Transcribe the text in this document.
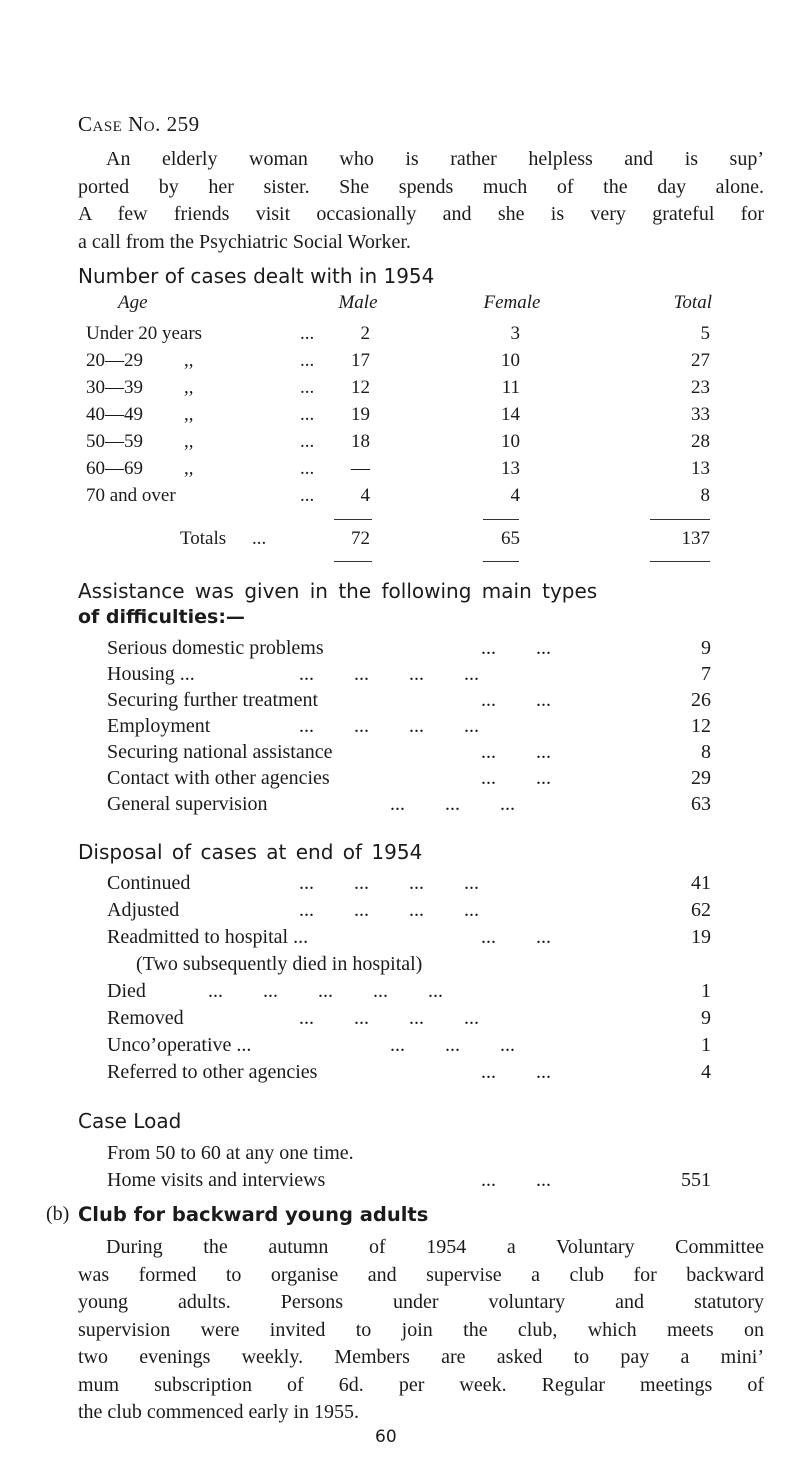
Case No. 259
An elderly woman who is rather helpless and is sup’
ported by her sister. She spends much of the day alone.
A few friends visit occasionally and she is very grateful for
a call from the Psychiatric Social Worker.
Number of cases dealt with in 1954
Age	Male	Female	Total
Under 20 years	...	2	3	5
20—29 ,,	...	17	10	27
30—39 ,,	...	12	11	23
40—49 ,,	...	19	14	33
50—59 ,,	...	18	10	28
60—69 ,,	...	—	13	13
70 and over	...	4	4	8
Totals ...	72	65	137
Assistance was given in the following main types
of difficulties:—
Serious domestic problems	...        ...	9
Housing ...	...        ...        ...        ...	7
Securing further treatment	...        ...	26
Employment	...        ...        ...        ...	12
Securing national assistance	...        ...	8
Contact with other agencies	...        ...	29
General supervision	...        ...        ...	63
Disposal of cases at end of 1954
Continued	...        ...        ...        ...	41
Adjusted	...        ...        ...        ...	62
Readmitted to hospital ...	...        ...	19
(Two subsequently died in hospital)
Died	...        ...        ...        ...        ...	1
Removed	...        ...        ...        ...	9
Unco’operative ...	...        ...        ...	1
Referred to other agencies	...        ...	4
Case Load
From 50 to 60 at any one time.
Home visits and interviews	...        ...	551
(b) Club for backward young adults
During the autumn of 1954 a Voluntary Committee
was formed to organise and supervise a club for backward
young adults. Persons under voluntary and statutory
supervision were invited to join the club, which meets on
two evenings weekly. Members are asked to pay a mini’
mum subscription of 6d. per week. Regular meetings of
the club commenced early in 1955.
60
